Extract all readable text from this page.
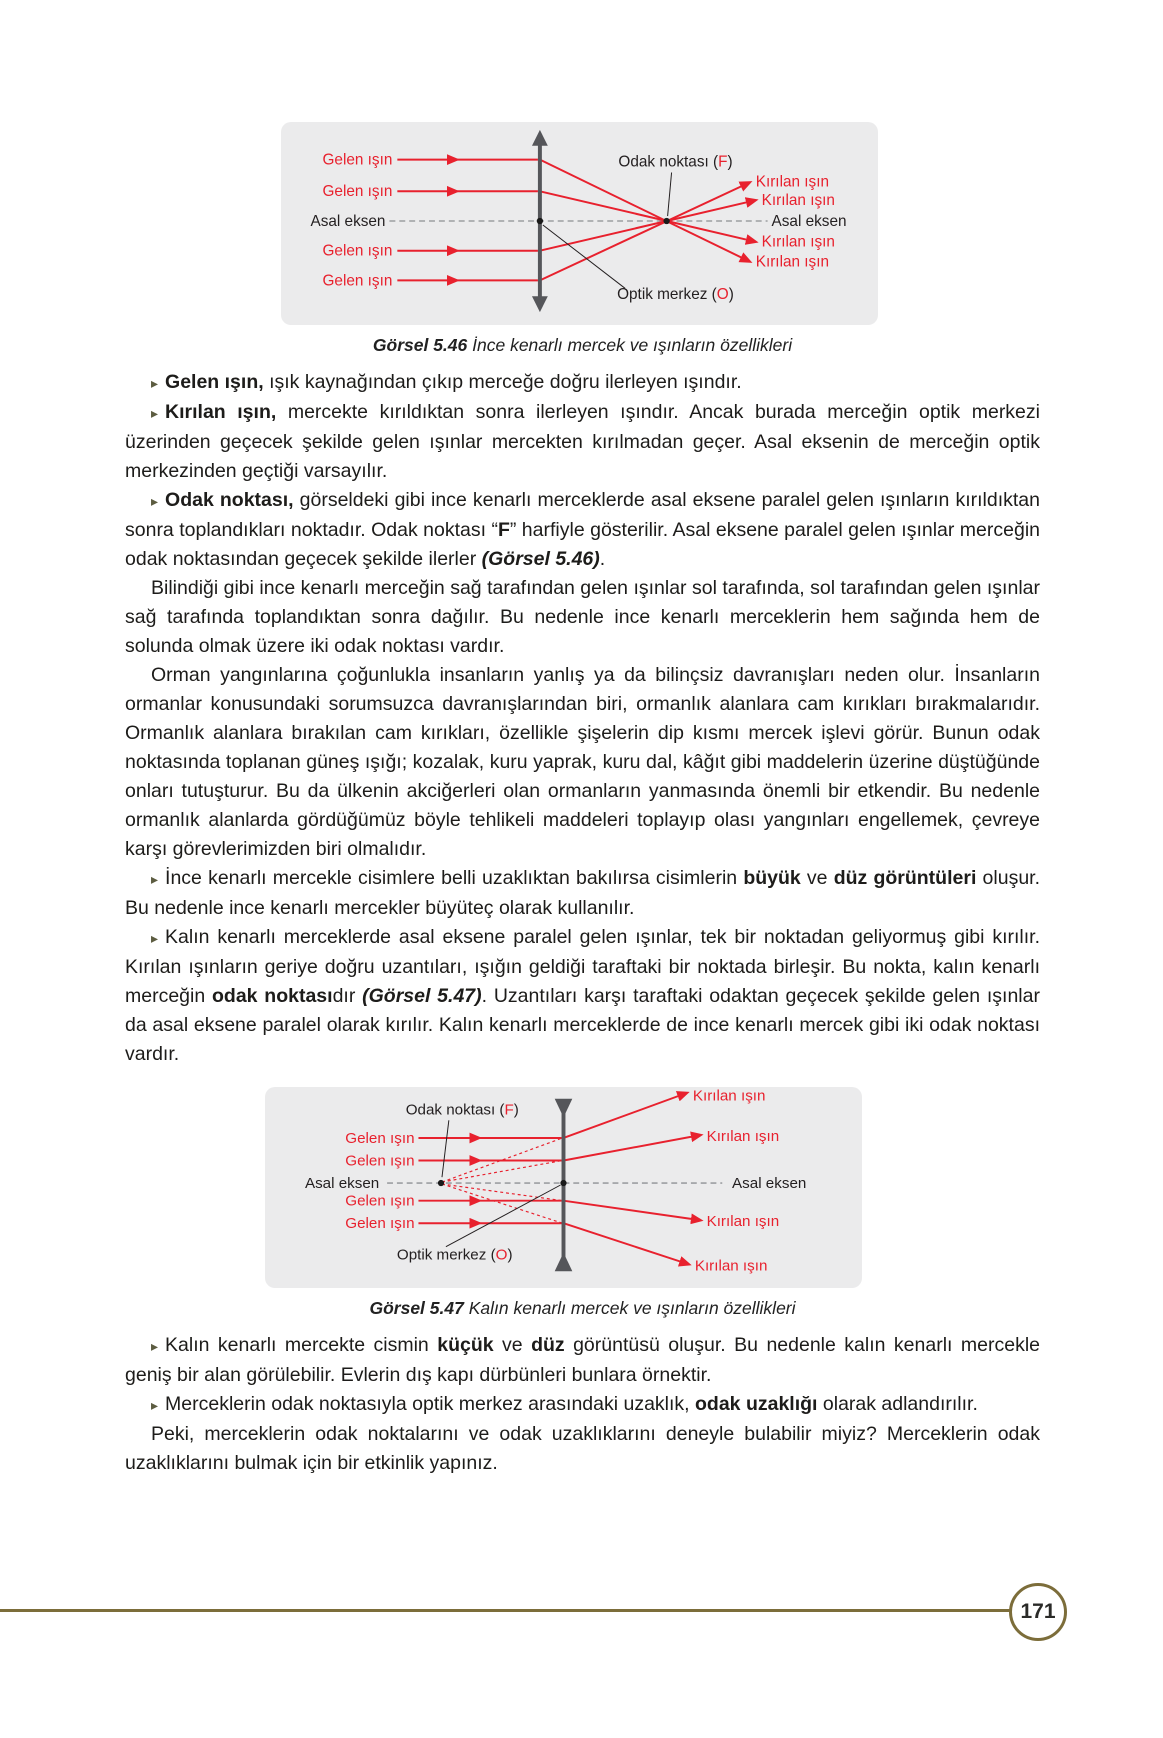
Gelen ışın
Gelen ışın
Gelen ışın
Gelen ışın
Asal eksen	Asal eksen
Kırılan ışın
Kırılan ışın
Kırılan ışın
Kırılan ışın
Odak noktası (F)
Optik merkez (O)
Görsel 5.46 İnce kenarlı mercek ve ışınların özellikleri

▸ Gelen ışın, ışık kaynağından çıkıp merceğe doğru ilerleyen ışındır.

▸ Kırılan ışın, mercekte kırıldıktan sonra ilerleyen ışındır. Ancak burada merceğin optik merkezi üzerinden geçecek şekilde gelen ışınlar mercekten kırılmadan geçer. Asal eksenin de merceğin optik merkezinden geçtiği varsayılır.

▸ Odak noktası, görseldeki gibi ince kenarlı merceklerde asal eksene paralel gelen ışınların kırıldıktan sonra toplandıkları noktadır. Odak noktası “F” harfiyle gösterilir. Asal eksene paralel gelen ışınlar merceğin odak noktasından geçecek şekilde ilerler (Görsel 5.46).

Bilindiği gibi ince kenarlı merceğin sağ tarafından gelen ışınlar sol tarafında, sol tarafından gelen ışınlar sağ tarafında toplandıktan sonra dağılır. Bu nedenle ince kenarlı merceklerin hem sağında hem de solunda olmak üzere iki odak noktası vardır.

Orman yangınlarına çoğunlukla insanların yanlış ya da bilinçsiz davranışları neden olur. İnsanların ormanlar konusundaki sorumsuzca davranışlarından biri, ormanlık alanlara cam kırıkları bırakmalarıdır. Ormanlık alanlara bırakılan cam kırıkları, özellikle şişelerin dip kısmı mercek işlevi görür. Bunun odak noktasında toplanan güneş ışığı; kozalak, kuru yaprak, kuru dal, kâğıt gibi maddelerin üzerine düştüğünde onları tutuşturur. Bu da ülkenin akciğerleri olan ormanların yanmasında önemli bir etkendir. Bu nedenle ormanlık alanlarda gördüğümüz böyle tehlikeli maddeleri toplayıp olası yangınları engellemek, çevreye karşı görevlerimizden biri olmalıdır.

▸ İnce kenarlı mercekle cisimlere belli uzaklıktan bakılırsa cisimlerin büyük ve düz görüntüleri oluşur. Bu nedenle ince kenarlı mercekler büyüteç olarak kullanılır.

▸ Kalın kenarlı merceklerde asal eksene paralel gelen ışınlar, tek bir noktadan geliyormuş gibi kırılır. Kırılan ışınların geriye doğru uzantıları, ışığın geldiği taraftaki bir noktada birleşir. Bu nokta, kalın kenarlı merceğin odak noktasıdır (Görsel 5.47). Uzantıları karşı taraftaki odaktan geçecek şekilde gelen ışınlar da asal eksene paralel olarak kırılır. Kalın kenarlı merceklerde de ince kenarlı mercek gibi iki odak noktası vardır.

Odak noktası (F)
Gelen ışın
Gelen ışın
Gelen ışın
Gelen ışın
Asal eksen	Asal eksen
Kırılan ışın
Kırılan ışın
Kırılan ışın
Kırılan ışın
Optik merkez (O)
Görsel 5.47 Kalın kenarlı mercek ve ışınların özellikleri

▸ Kalın kenarlı mercekte cismin küçük ve düz görüntüsü oluşur. Bu nedenle kalın kenarlı mercekle geniş bir alan görülebilir. Evlerin dış kapı dürbünleri bunlara örnektir.

▸ Merceklerin odak noktasıyla optik merkez arasındaki uzaklık, odak uzaklığı olarak adlandırılır.

Peki, merceklerin odak noktalarını ve odak uzaklıklarını deneyle bulabilir miyiz? Merceklerin odak uzaklıklarını bulmak için bir etkinlik yapınız.

171
